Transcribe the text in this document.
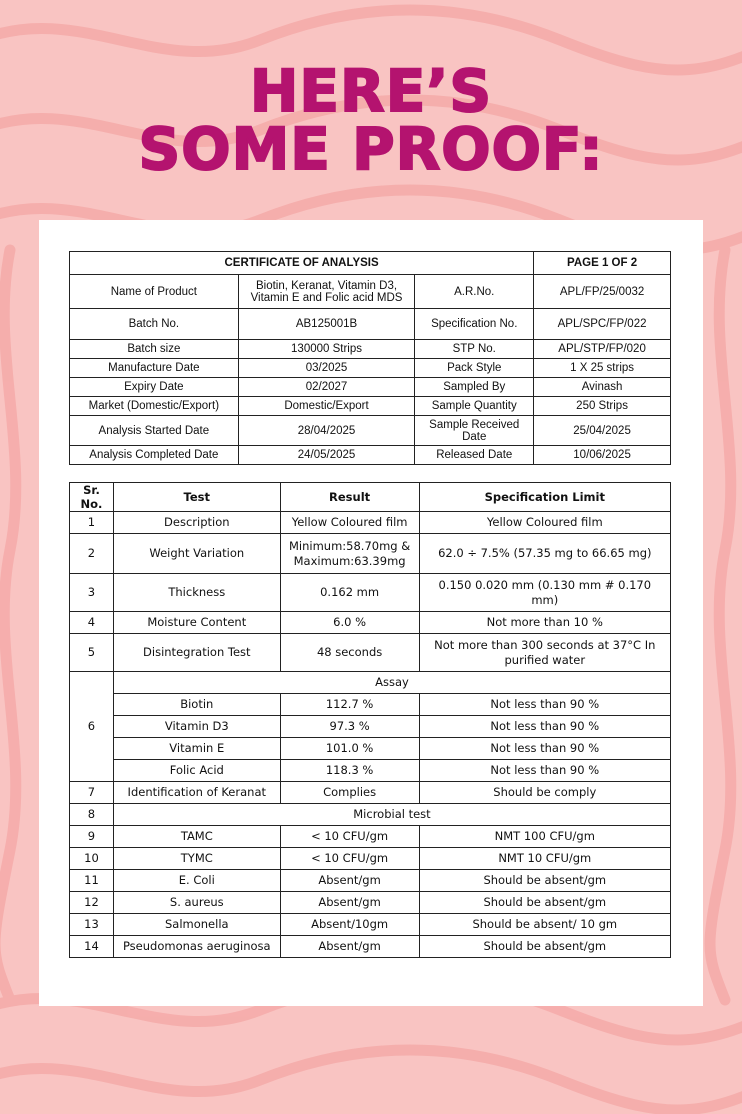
HERE’S
SOME PROOF:
CERTIFICATE OF ANALYSIS			PAGE 1 OF 2
Name of Product	Biotin, Keranat, Vitamin D3, Vitamin E and Folic acid MDS	A.R.No.	APL/FP/25/0032
Batch No.	AB125001B	Specification No.	APL/SPC/FP/022
Batch size	130000 Strips	STP No.	APL/STP/FP/020
Manufacture Date	03/2025	Pack Style	1 X 25 strips
Expiry Date	02/2027	Sampled By	Avinash
Market (Domestic/Export)	Domestic/Export	Sample Quantity	250 Strips
Analysis Started Date	28/04/2025	Sample Received Date	25/04/2025
Analysis Completed Date	24/05/2025	Released Date	10/06/2025
Sr. No.	Test	Result	Specification Limit
1	Description	Yellow Coloured film	Yellow Coloured film
2	Weight Variation	Minimum:58.70mg & Maximum:63.39mg	62.0 ÷ 7.5% (57.35 mg to 66.65 mg)
3	Thickness	0.162 mm	0.150 0.020 mm (0.130 mm # 0.170 mm)
4	Moisture Content	6.0 %	Not more than 10 %
5	Disintegration Test	48 seconds	Not more than 300 seconds at 37°C In purified water
6	Assay		
	Biotin	112.7 %	Not less than 90 %
	Vitamin D3	97.3 %	Not less than 90 %
	Vitamin E	101.0 %	Not less than 90 %
	Folic Acid	118.3 %	Not less than 90 %
7	Identification of Keranat	Complies	Should be comply
8	Microbial test		
9	TAMC	< 10 CFU/gm	NMT 100 CFU/gm
10	TYMC	< 10 CFU/gm	NMT 10 CFU/gm
11	E. Coli	Absent/gm	Should be absent/gm
12	S. aureus	Absent/gm	Should be absent/gm
13	Salmonella	Absent/10gm	Should be absent/ 10 gm
14	Pseudomonas aeruginosa	Absent/gm	Should be absent/gm
